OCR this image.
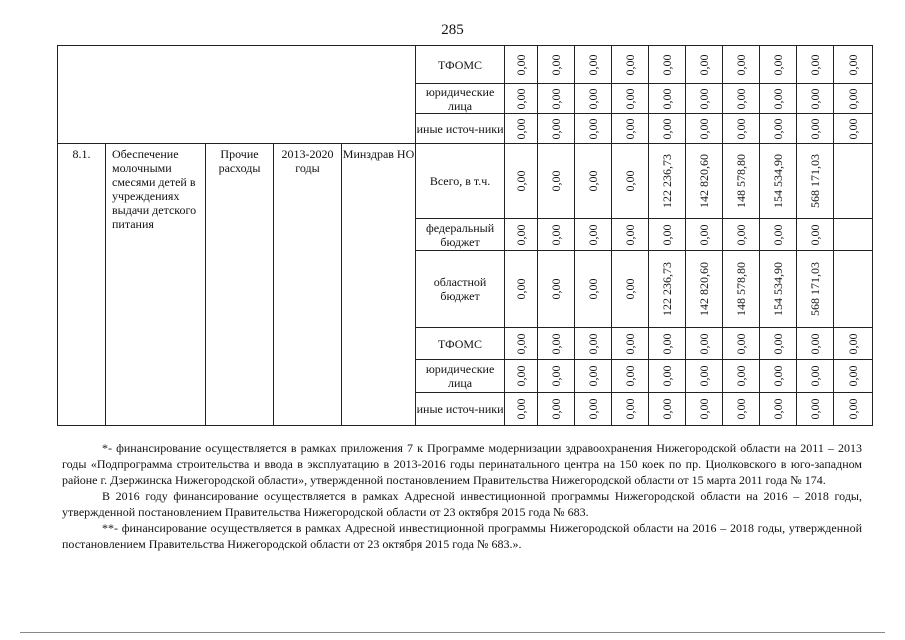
285
					ТФОМС	0,00	0,00	0,00	0,00	0,00	0,00	0,00	0,00	0,00	0,00

					юридические лица	0,00	0,00	0,00	0,00	0,00	0,00	0,00	0,00	0,00	0,00

					иные источ-ники	0,00	0,00	0,00	0,00	0,00	0,00	0,00	0,00	0,00	0,00

8.1.	Обеспечение молочными смесями детей в учреждениях выдачи детского питания	Прочие расходы	2013-2020 годы	Минздрав НО	Всего, в т.ч.	0,00	0,00	0,00	0,00	122 236,73	142 820,60	148 578,80	154 534,90	568 171,03	

					федеральный бюджет	0,00	0,00	0,00	0,00	0,00	0,00	0,00	0,00	0,00	

					областной бюджет	0,00	0,00	0,00	0,00	122 236,73	142 820,60	148 578,80	154 534,90	568 171,03	

					ТФОМС	0,00	0,00	0,00	0,00	0,00	0,00	0,00	0,00	0,00	0,00

					юридические лица	0,00	0,00	0,00	0,00	0,00	0,00	0,00	0,00	0,00	0,00

					иные источ-ники	0,00	0,00	0,00	0,00	0,00	0,00	0,00	0,00	0,00	0,00

*- финансирование осуществляется в рамках приложения 7 к Программе модернизации здравоохранения Нижегородской области на 2011 – 2013 годы «Подпрограмма строительства и ввода в эксплуатацию в 2013-2016 годы перинатального центра на 150 коек по пр. Циолковского в юго-западном районе г. Дзержинска Нижегородской области», утвержденной постановлением Правительства Нижегородской области от 15 марта 2011 года № 174.

В 2016 году финансирование осуществляется в рамках Адресной инвестиционной программы Нижегородской области на 2016 – 2018 годы, утвержденной постановлением Правительства Нижегородской области от 23 октября 2015 года № 683.

**- финансирование осуществляется в рамках Адресной инвестиционной программы Нижегородской области на 2016 – 2018 годы, утвержденной постановлением Правительства Нижегородской области от 23 октября 2015 года № 683.».
